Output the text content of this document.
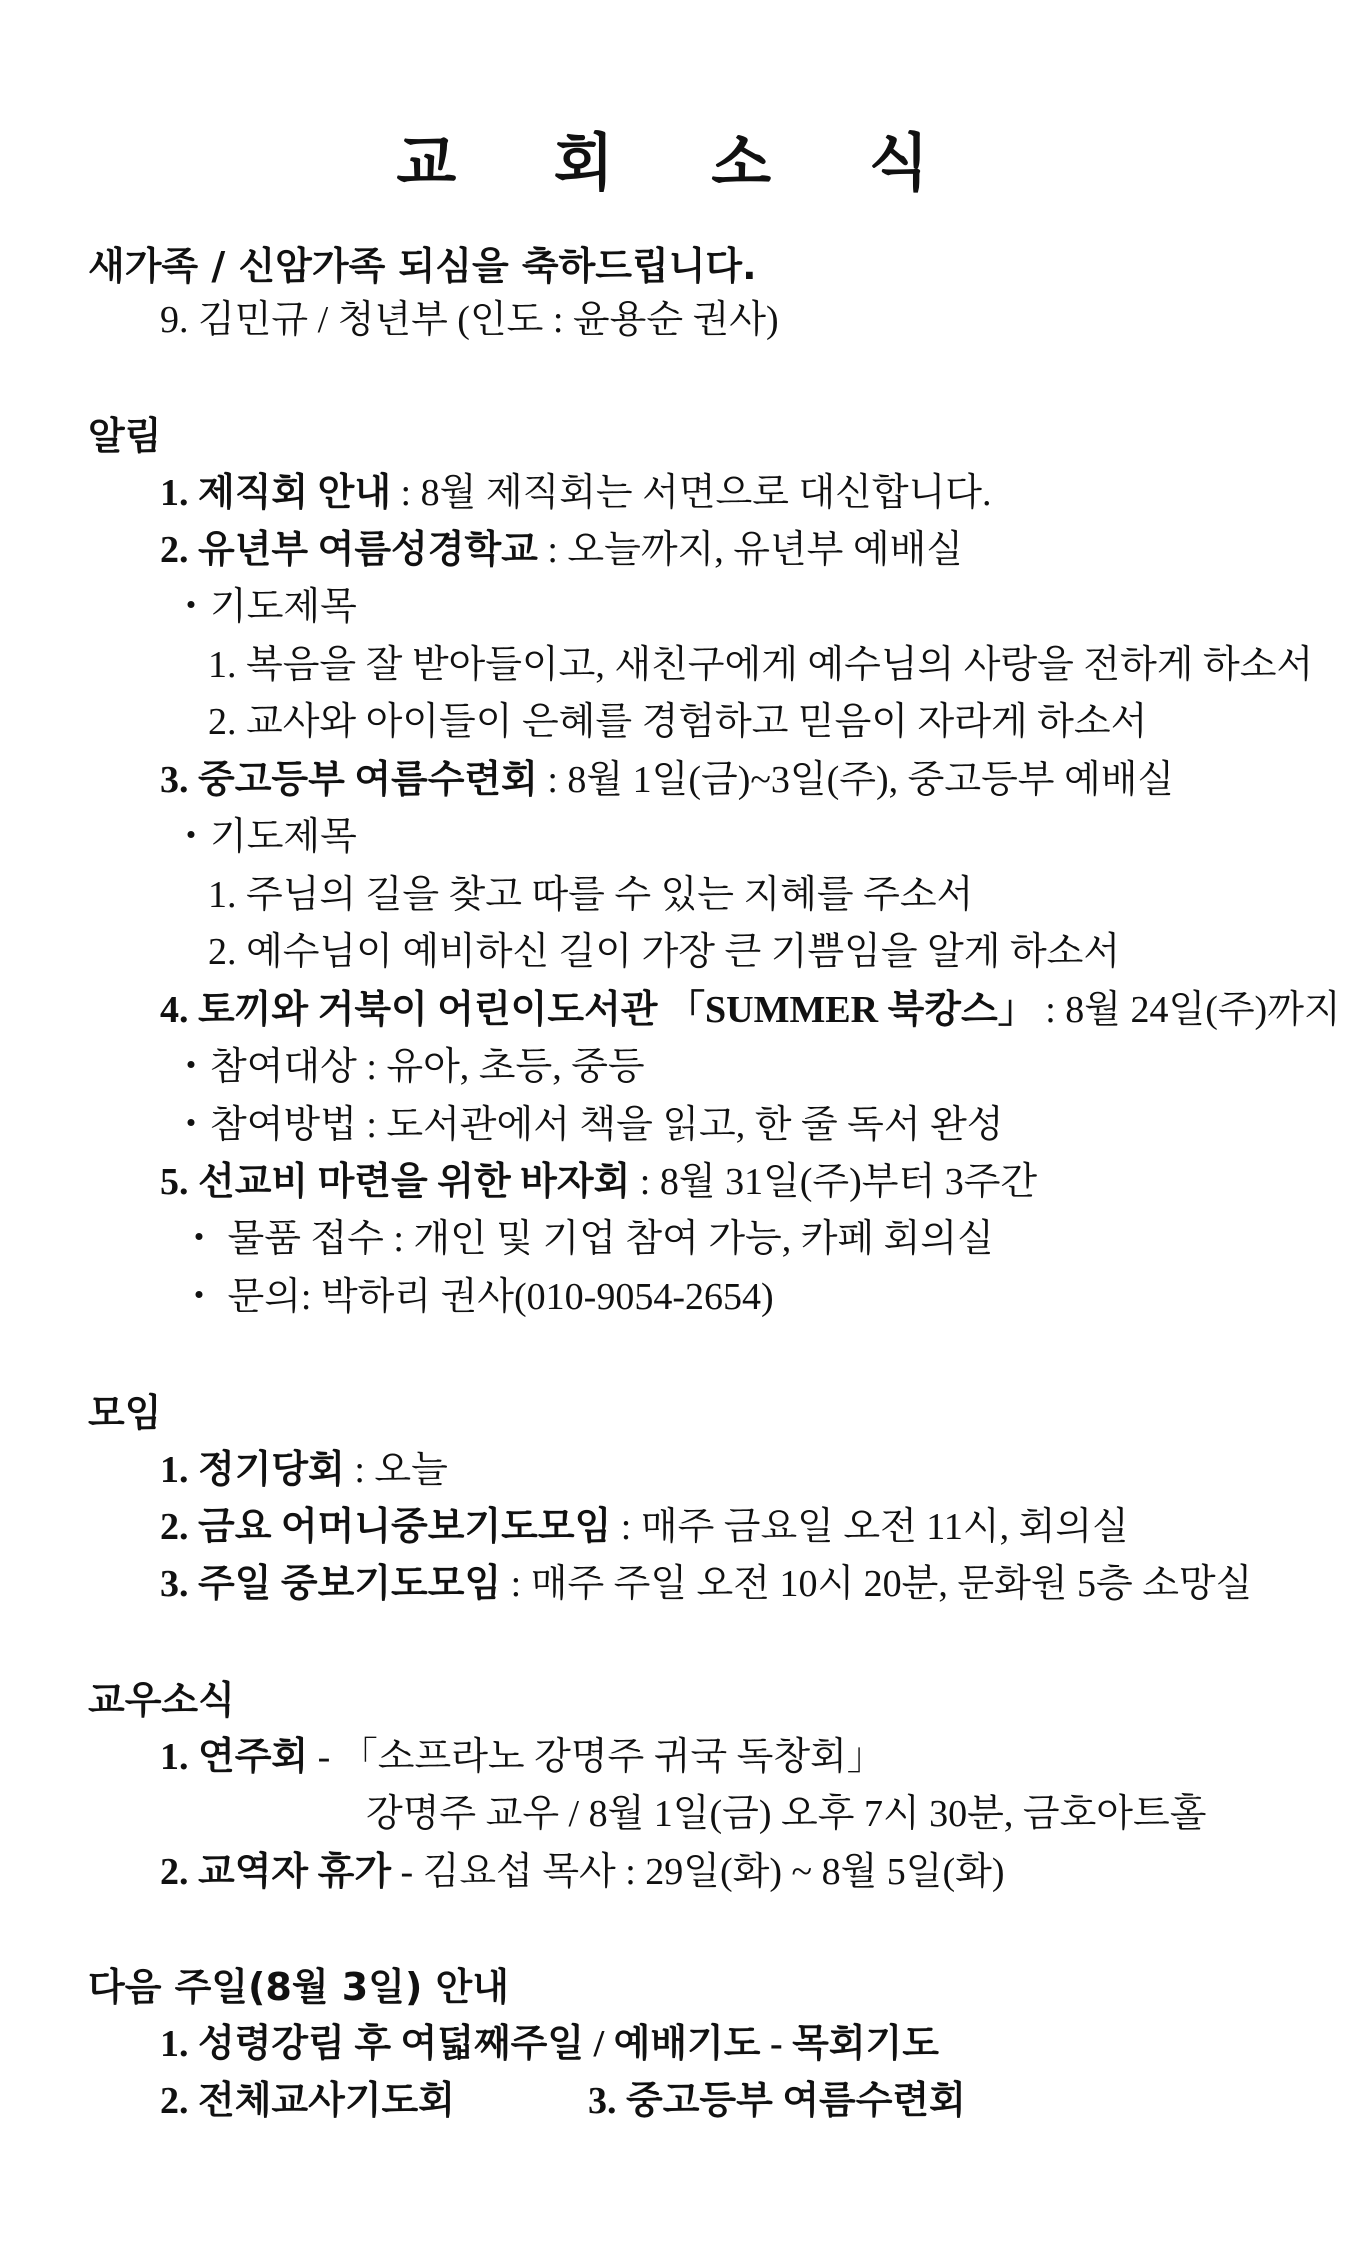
교 회 소 식
새가족 / 신암가족 되심을 축하드립니다.
9. 김민규 / 청년부 (인도 : 윤용순 권사)
알림
1. 제직회 안내 : 8월 제직회는 서면으로 대신합니다.
2. 유년부 여름성경학교 : 오늘까지, 유년부 예배실
・기도제목
1. 복음을 잘 받아들이고, 새친구에게 예수님의 사랑을 전하게 하소서
2. 교사와 아이들이 은혜를 경험하고 믿음이 자라게 하소서
3. 중고등부 여름수련회 : 8월 1일(금)~3일(주), 중고등부 예배실
・기도제목
1. 주님의 길을 찾고 따를 수 있는 지혜를 주소서
2. 예수님이 예비하신 길이 가장 큰 기쁨임을 알게 하소서
4. 토끼와 거북이 어린이도서관 「SUMMER 북캉스」 : 8월 24일(주)까지
・참여대상 : 유아, 초등, 중등
・참여방법 : 도서관에서 책을 읽고, 한 줄 독서 완성
5. 선교비 마련을 위한 바자회 : 8월 31일(주)부터 3주간
・ 물품 접수 : 개인 및 기업 참여 가능, 카페 회의실
・ 문의: 박하리 권사(010-9054-2654)
모임
1. 정기당회 : 오늘
2. 금요 어머니중보기도모임 : 매주 금요일 오전 11시, 회의실
3. 주일 중보기도모임 : 매주 주일 오전 10시 20분, 문화원 5층 소망실
교우소식
1. 연주회 - 「소프라노 강명주 귀국 독창회」
강명주 교우 / 8월 1일(금) 오후 7시 30분, 금호아트홀
2. 교역자 휴가 - 김요섭 목사 : 29일(화) ~ 8월 5일(화)
다음 주일(8월 3일) 안내
1. 성령강림 후 여덟째주일 / 예배기도 - 목회기도
2. 전체교사기도회	3. 중고등부 여름수련회
